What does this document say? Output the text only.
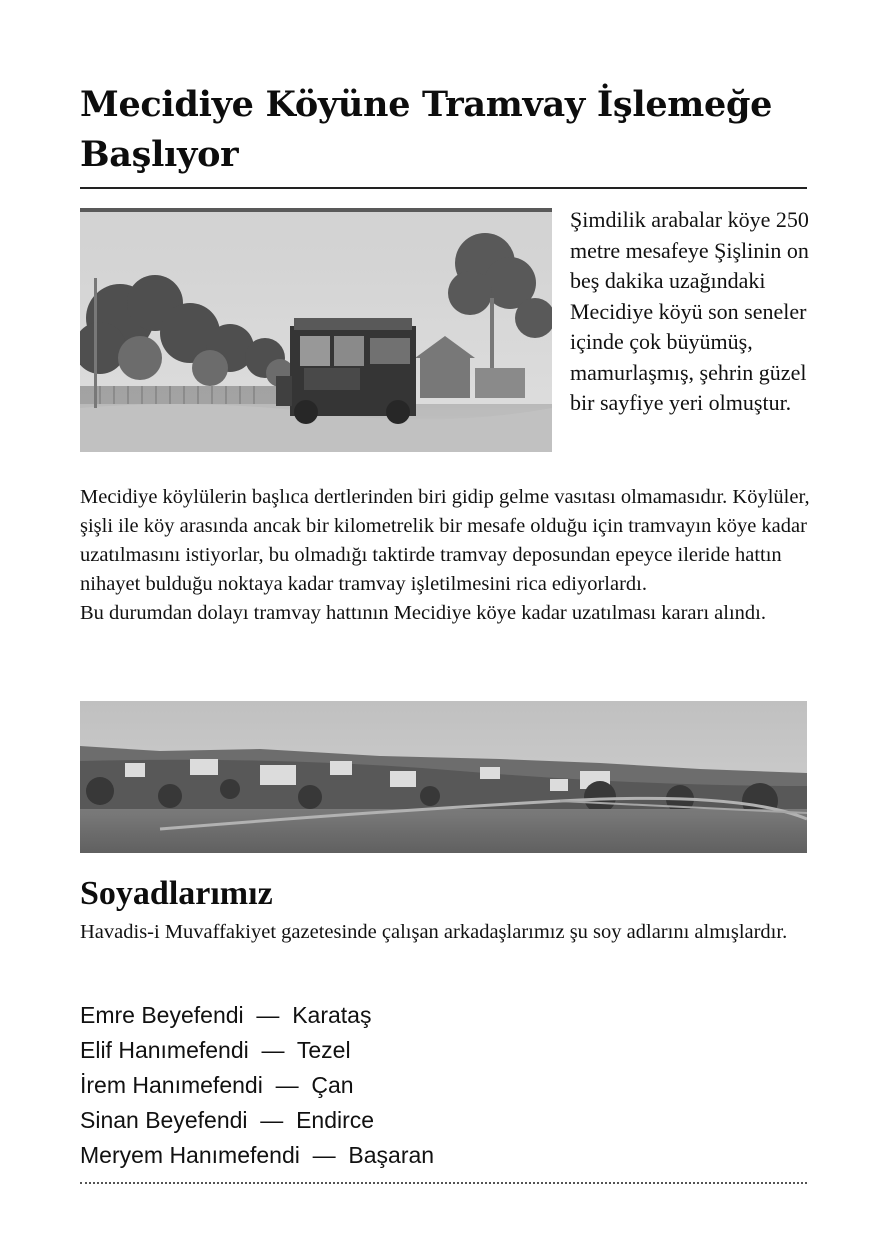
Mecidiye Köyüne Tramvay İşlemeğe Başlıyor

Şimdilik arabalar köye 250 metre mesafeye Şişlinin on beş dakika uzağındaki Mecidiye köyü son seneler içinde çok büyümüş, mamurlaşmış, şehrin güzel bir sayfiye yeri olmuştur.

Mecidiye köylülerin başlıca dertlerinden biri gidip gelme vasıtası olmamasıdır. Köylüler, şişli ile köy arasında ancak bir kilometrelik bir mesafe olduğu için tramvayın köye kadar uzatılmasını istiyorlar, bu olmadığı taktirde tramvay deposundan epeyce ileride hattın nihayet bulduğu noktaya kadar tramvay işletilmesini rica ediyorlardı.
Bu durumdan dolayı tramvay hattının Mecidiye köye kadar uzatılması kararı alındı.
Soyadlarımız

Havadis-i Muvaffakiyet gazetesinde çalışan arkadaşlarımız şu soy adlarını almışlardır.

Emre Beyefendi  —  Karataş
Elif Hanımefendi  —  Tezel
İrem Hanımefendi  —  Çan
Sinan Beyefendi  —  Endirce
Meryem Hanımefendi  —  Başaran
